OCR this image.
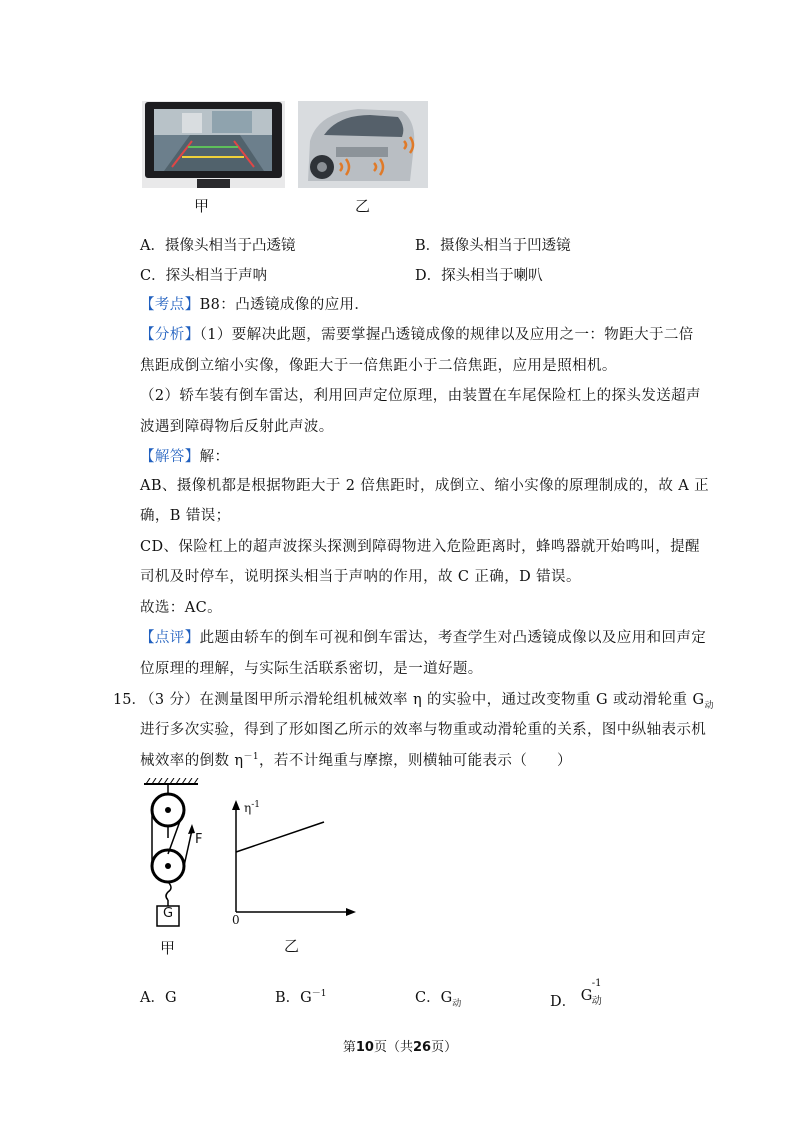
甲	乙
A．摄像头相当于凸透镜	B．摄像头相当于凹透镜
C．探头相当于声呐	D．探头相当于喇叭
【考点】B8：凸透镜成像的应用．
【分析】（1）要解决此题，需要掌握凸透镜成像的规律以及应用之一：物距大于二倍
焦距成倒立缩小实像，像距大于一倍焦距小于二倍焦距，应用是照相机。
（2）轿车装有倒车雷达，利用回声定位原理，由装置在车尾保险杠上的探头发送超声
波遇到障碍物后反射此声波。
【解答】解：
AB、摄像机都是根据物距大于 2 倍焦距时，成倒立、缩小实像的原理制成的，故 A 正
确，B 错误；
CD、保险杠上的超声波探头探测到障碍物进入危险距离时，蜂鸣器就开始鸣叫，提醒
司机及时停车，说明探头相当于声呐的作用，故 C 正确，D 错误。
故选：AC。
【点评】此题由轿车的倒车可视和倒车雷达，考查学生对凸透镜成像以及应用和回声定
位原理的理解，与实际生活联系密切，是一道好题。
15．
（3 分）在测量图甲所示滑轮组机械效率 η 的实验中，通过改变物重 G 或动滑轮重 $G_动$
进行多次实验，得到了形如图乙所示的效率与物重或动滑轮重的关系，图中纵轴表示机
械效率的倒数 $\eta^{-1}$，若不计绳重与摩擦，则横轴可能表示（　　）
F
G
甲
$\eta^{-1}$
0
乙
A．G	B．$G^{-1}$	C．$G_动$	D． G
-1
动
第10页（共26页）
